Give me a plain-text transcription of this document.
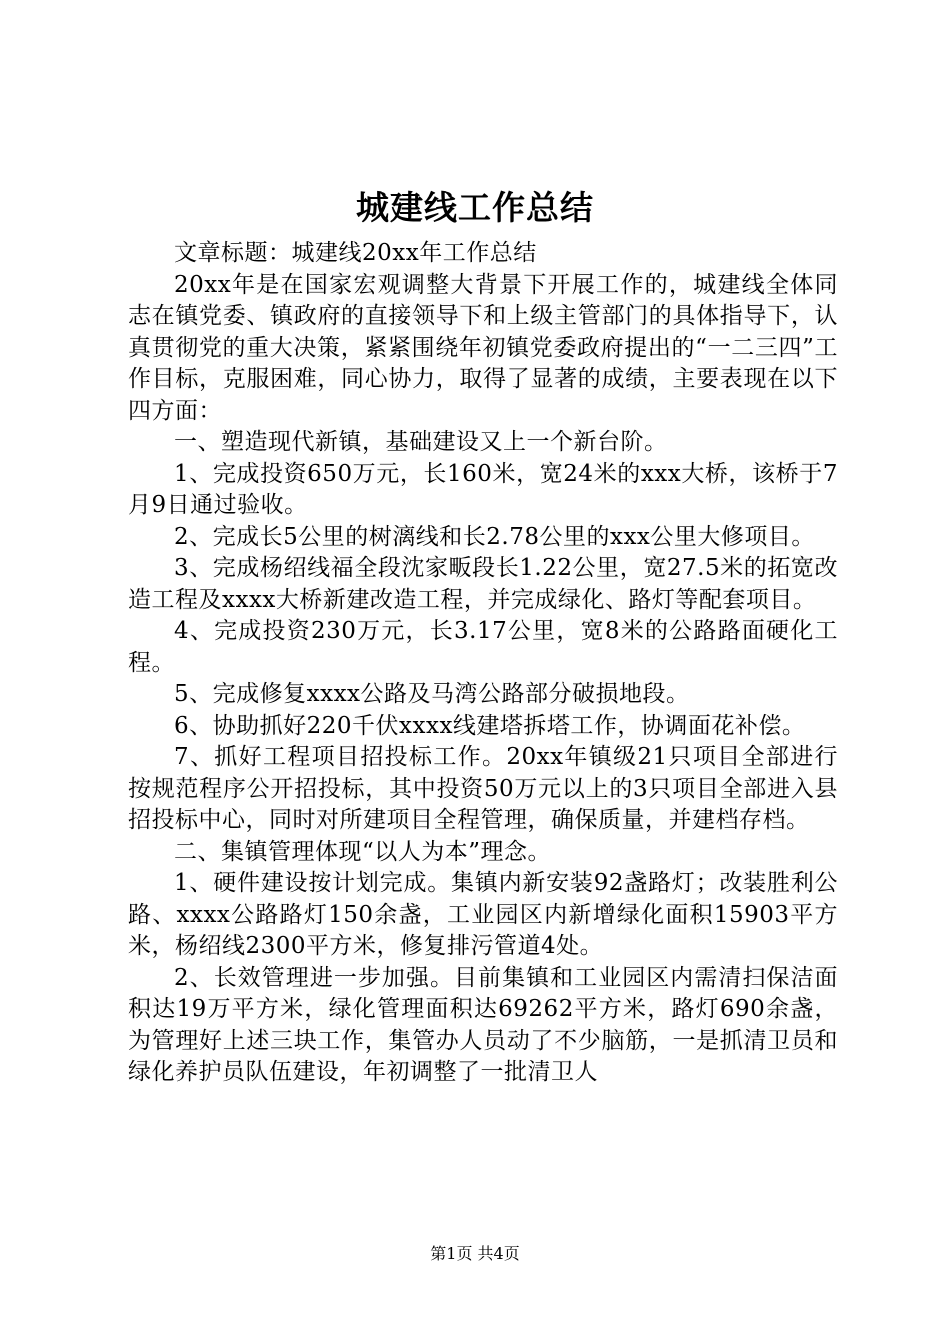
城建线工作总结

文章标题：城建线20xx年工作总结

20xx年是在国家宏观调整大背景下开展工作的，城建线全体同志在镇党委、镇政府的直接领导下和上级主管部门的具体指导下，认真贯彻党的重大决策，紧紧围绕年初镇党委政府提出的“一二三四”工作目标，克服困难，同心协力，取得了显著的成绩，主要表现在以下四方面：

一、塑造现代新镇，基础建设又上一个新台阶。

1、完成投资650万元，长160米，宽24米的xxx大桥，该桥于7月9日通过验收。

2、完成长5公里的树漓线和长2.78公里的xxx公里大修项目。

3、完成杨绍线福全段沈家畈段长1.22公里，宽27.5米的拓宽改造工程及xxxx大桥新建改造工程，并完成绿化、路灯等配套项目。

4、完成投资230万元，长3.17公里，宽8米的公路路面硬化工程。

5、完成修复xxxx公路及马湾公路部分破损地段。

6、协助抓好220千伏xxxx线建塔拆塔工作，协调面花补偿。

7、抓好工程项目招投标工作。20xx年镇级21只项目全部进行按规范程序公开招投标，其中投资50万元以上的3只项目全部进入县招投标中心，同时对所建项目全程管理，确保质量，并建档存档。

二、集镇管理体现“以人为本”理念。

1、硬件建设按计划完成。集镇内新安装92盏路灯；改装胜利公路、xxxx公路路灯150余盏，工业园区内新增绿化面积15903平方米，杨绍线2300平方米，修复排污管道4处。

2、长效管理进一步加强。目前集镇和工业园区内需清扫保洁面积达19万平方米，绿化管理面积达69262平方米，路灯690余盏，为管理好上述三块工作，集管办人员动了不少脑筋，一是抓清卫员和绿化养护员队伍建设，年初调整了一批清卫人

第1页 共4页
